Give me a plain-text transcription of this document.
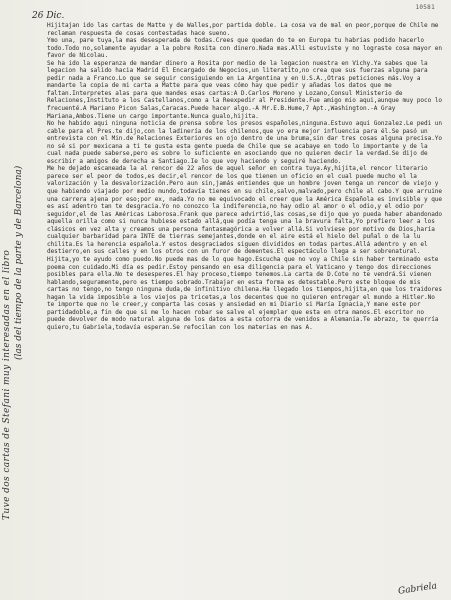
10581
26 Dic.
Tuve dos cartas de Stefani muy interesadas en el libro (las del tiempo de la parte y de Barcelona)

Hijitajan ido las cartas de Matte y de Walles,por partida doble. La cosa va de mal en peor,porque de Chile me reclaman respuesta de cosas contestadas hace sueno.

Ymo una, pare tuya,la mas desesperada de todas.Crees que quedan do te en Europa tu habrias podido hacerlo todo.Todo no,solamente ayudar a la pobre Rosita con dinero.Nada mas.Alli estuviste y no lograste cosa mayor en favor de Nicolau.

Se ha ido la esperanza de mandar dinero a Rosita por medio de la legacion nuestra en Vichy.Ya sabes que la legacion ha salido hacia Madrid El Encargado de Negocios,un literatito,no crea que sus fuerzas alguna para pedir nada a Franco.Lo que se seguir consiguiendo en La Argentina y en U.S.A.,Otras peticiones más.Voy a mandarte la copia de mi carta a Matte para que veas cómo hay que pedir y añadas los datos que me faltan.Interpretes alas para que mandes esas cartas:A D.Carlos Moreno y Lozano,Consul Ministerio de Relaciones,Instituto a los Castellanos,como a la Reexpedir al Presidente.Fue amigo mio aqui,aunque muy poco lo frecuenté.A Mariano Picon Salas,Caracas.Puede hacer algo.-A Mr.E.B.Hume,7 Apt.,Washington.-A Gray Mariana,Ambos.Tiene un cargo importante.Nunca gualo,hijita.

No he habido aqui ninguna noticia de prensa sobre los presos españoles,ninguna.Estuvo aqui Gonzalez.Le pedi un cable para el Pres.te dijo,con la ladinería de los chilenos,que yo era mejor influencia para él.Se pasó un entrevista con el Min.de Relaciones Exteriores en ojo dentro de una bruma,sin dar tres cosas alguna precisa.Yo no sé si por mexicana a ti te gusta esta gente pueda de Chile que se acabaye en todo lo importante y de la cual nada puede saberse,pero es sobre lo suficiente en asociando que no quieren decir la verdad.Se dijo de escribir a amigos de derecha a Santiago.Ie lo que voy haciendo y seguiré haciendo.

Me he dejado escaneada la al rencor de 22 años de aquel señor en contra tuya.Ay,hijita,el rencor literario parece ser el peor de todos,es decir,el rencor de los que tienen un oficio en el cual puede mucho el la valorización y la desvalorización.Pero aun sin,jamás entiendes que un hombre joven tenga un rencor de viejo y que habiendo viajado por medio mundo,todavía tienes en su chile,salvo,malvado,pero chile al cabo.Y que arruine una carrera ajena por eso;por ex, nada.Yo no me equivocado el creer que la América Española es invisible y que es así adentro tan te desgracia.Yo no conozco la indiferencia,no hay odio al amor o el odio,y el odio por seguidor,el de las Américas Laborosa.Frank que parece advirtió,las cosas,se dijo que yo pueda haber abandonado aquella orilla como si nunca hubiese estado allá,que podía tenga una la bravura falta,Yo prefiero leer a los clásicos en vez alta y creamos una persona fantasmagórica a volver allá.Si volviese por motivo de Dios,haría cualquier barbaridad para INTE de tierras semejantes,donde en el aire está el hielo del puñal o de la lu chilita.Es la herencia española.Y estos desgraciados siguen divididos en todas partes.Allá adentro y en el destierro,en sus calles y en los otros con un furor de dementes.El espectáculo llega a ser sobrenatural.

Hijita,yo te ayudo como puedo.No puede mas de lo que hago.Escucha que no voy a Chile sin haber terminado este poema con cuidado.Mi día es pedir.Estoy pensando en esa diligencia para el Vaticano y tengo dos direcciones posibles para ella.No te desesperes.El hay proceso,tiempo tenemos.La carta de D.Cote no te vendrá.Si vienen hablando,seguramente,pero es tiempo sobrado.Trabajar en esta forma es detestable.Pero este bloque de mis cartas no tengo,no tengo ninguna duda,de infinitivo chilena.Ha llegado los tiempos,hijita,en que los traidores hagan la vida imposible a los viejos pa tricetas,a los decentes que no quieren entregar el mundo a Hitler.No te importe que no le creer,y comparta las cosas y ansiedad en mi Diario si María Ignacia,Y mane este por partidadoble,a fin de que si me lo hacen robar se salve el ejemplar que esta en otra manos.El escritor no puede devolver de modo natural alguna de los datos a esta cotorra de venidos a Alemania.Te abrazo, te querría quiero,tu Gabriela,todavía esperan.Se refocilan con los materias en mas A.

Gabriela
